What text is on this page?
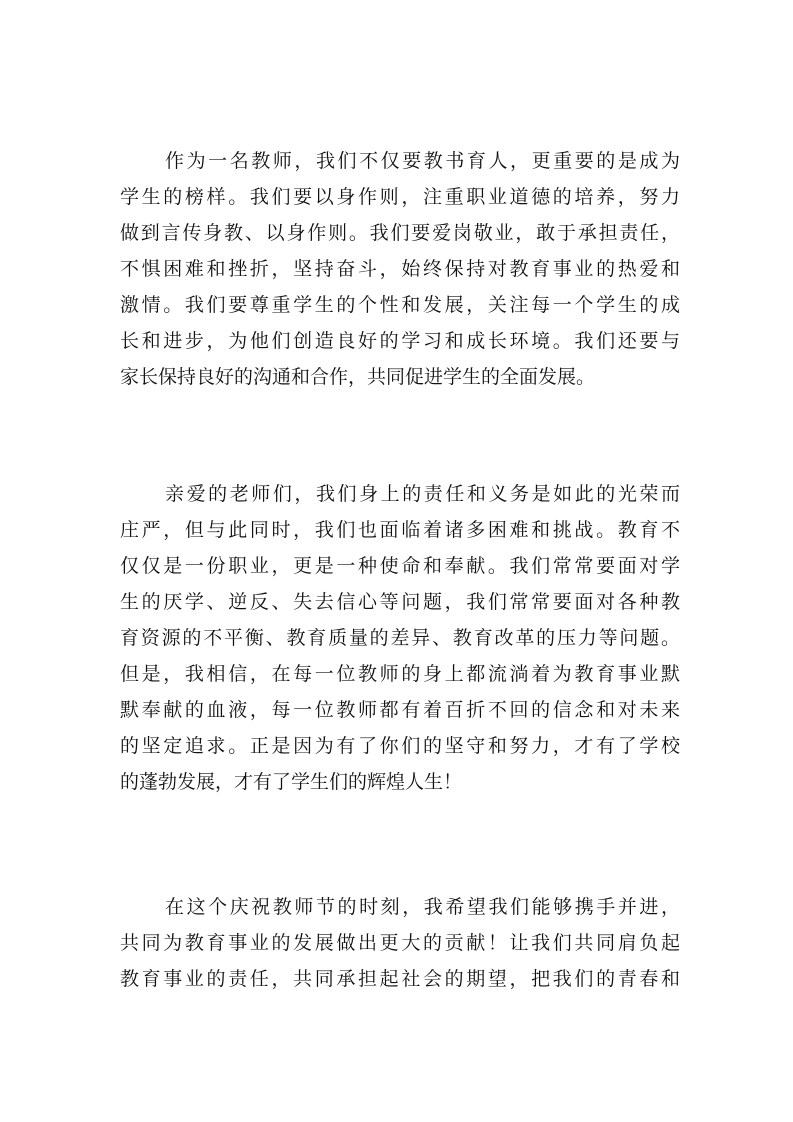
作为一名教师，我们不仅要教书育人，更重要的是成为
学生的榜样。我们要以身作则，注重职业道德的培养，努力
做到言传身教、以身作则。我们要爱岗敬业，敢于承担责任，
不惧困难和挫折，坚持奋斗，始终保持对教育事业的热爱和
激情。我们要尊重学生的个性和发展，关注每一个学生的成
长和进步，为他们创造良好的学习和成长环境。我们还要与
家长保持良好的沟通和合作，共同促进学生的全面发展。
亲爱的老师们，我们身上的责任和义务是如此的光荣而
庄严，但与此同时，我们也面临着诸多困难和挑战。教育不
仅仅是一份职业，更是一种使命和奉献。我们常常要面对学
生的厌学、逆反、失去信心等问题，我们常常要面对各种教
育资源的不平衡、教育质量的差异、教育改革的压力等问题。
但是，我相信，在每一位教师的身上都流淌着为教育事业默
默奉献的血液，每一位教师都有着百折不回的信念和对未来
的坚定追求。正是因为有了你们的坚守和努力，才有了学校
的蓬勃发展，才有了学生们的辉煌人生！
在这个庆祝教师节的时刻，我希望我们能够携手并进，
共同为教育事业的发展做出更大的贡献！让我们共同肩负起
教育事业的责任，共同承担起社会的期望，把我们的青春和
